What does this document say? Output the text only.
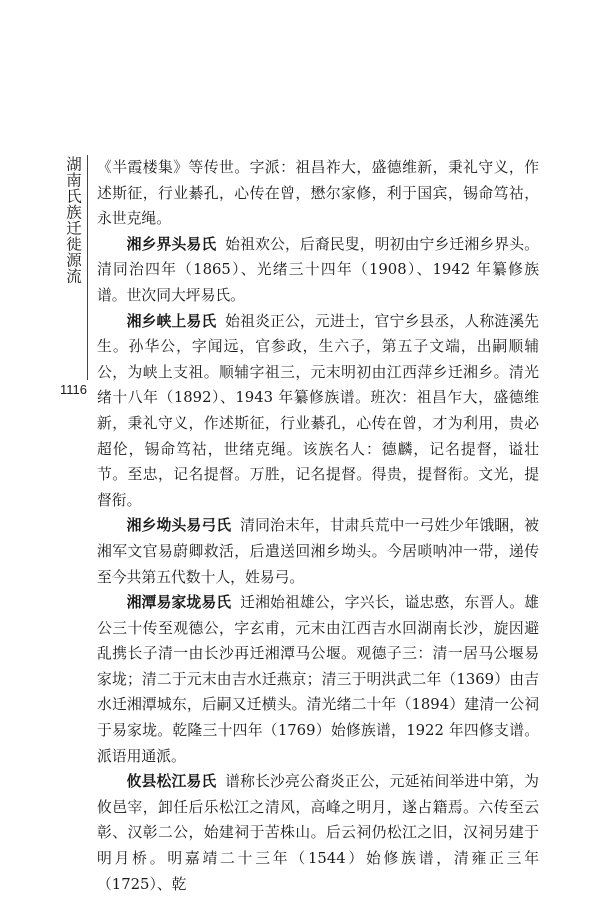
湖南氏族迁徙源流
1116

《半霞楼集》等传世。字派：祖昌祚大，盛德维新，秉礼守义，作述斯征，行业綦孔，心传在曾，懋尔家修，利于国宾，锡命笃祜，永世克绳。

湘乡界头易氏 始祖欢公，后裔民叟，明初由宁乡迁湘乡界头。清同治四年（1865）、光绪三十四年（1908）、1942 年纂修族谱。世次同大坪易氏。

湘乡峡上易氏 始祖炎正公，元进士，官宁乡县丞，人称涟溪先生。孙华公，字闻远，官参政，生六子，第五子文端，出嗣顺辅公，为峡上支祖。顺辅字祖三，元末明初由江西萍乡迁湘乡。清光绪十八年（1892）、1943 年纂修族谱。班次：祖昌乍大，盛德维新，秉礼守义，作述斯征，行业綦孔，心传在曾，才为利用，贵必超伦，锡命笃祜，世绪克绳。该族名人：德麟，记名提督，谥壮节。至忠，记名提督。万胜，记名提督。得贵，提督衔。文光，提督衔。

湘乡坳头易弓氏 清同治末年，甘肃兵荒中一弓姓少年饿睏，被湘军文官易蔚卿救活，后遣送回湘乡坳头。今居唢呐冲一带，递传至今共第五代数十人，姓易弓。

湘潭易家垅易氏 迁湘始祖雄公，字兴长，谥忠憨，东晋人。雄公三十传至观德公，字玄甫，元末由江西吉水回湖南长沙，旋因避乱携长子清一由长沙再迁湘潭马公堰。观德子三：清一居马公堰易家垅；清二于元末由吉水迁燕京；清三于明洪武二年（1369）由吉水迁湘潭城东，后嗣又迁横头。清光绪二十年（1894）建清一公祠于易家垅。乾隆三十四年（1769）始修族谱，1922 年四修支谱。派语用通派。

攸县松江易氏 谱称长沙亮公裔炎正公，元延祐间举进中第，为攸邑宰，卸任后乐松江之清风，高峰之明月，遂占籍焉。六传至云彰、汉彰二公，始建祠于苦株山。后云祠仍松江之旧，汉祠另建于明月桥。明嘉靖二十三年（1544）始修族谱，清雍正三年（1725）、乾
